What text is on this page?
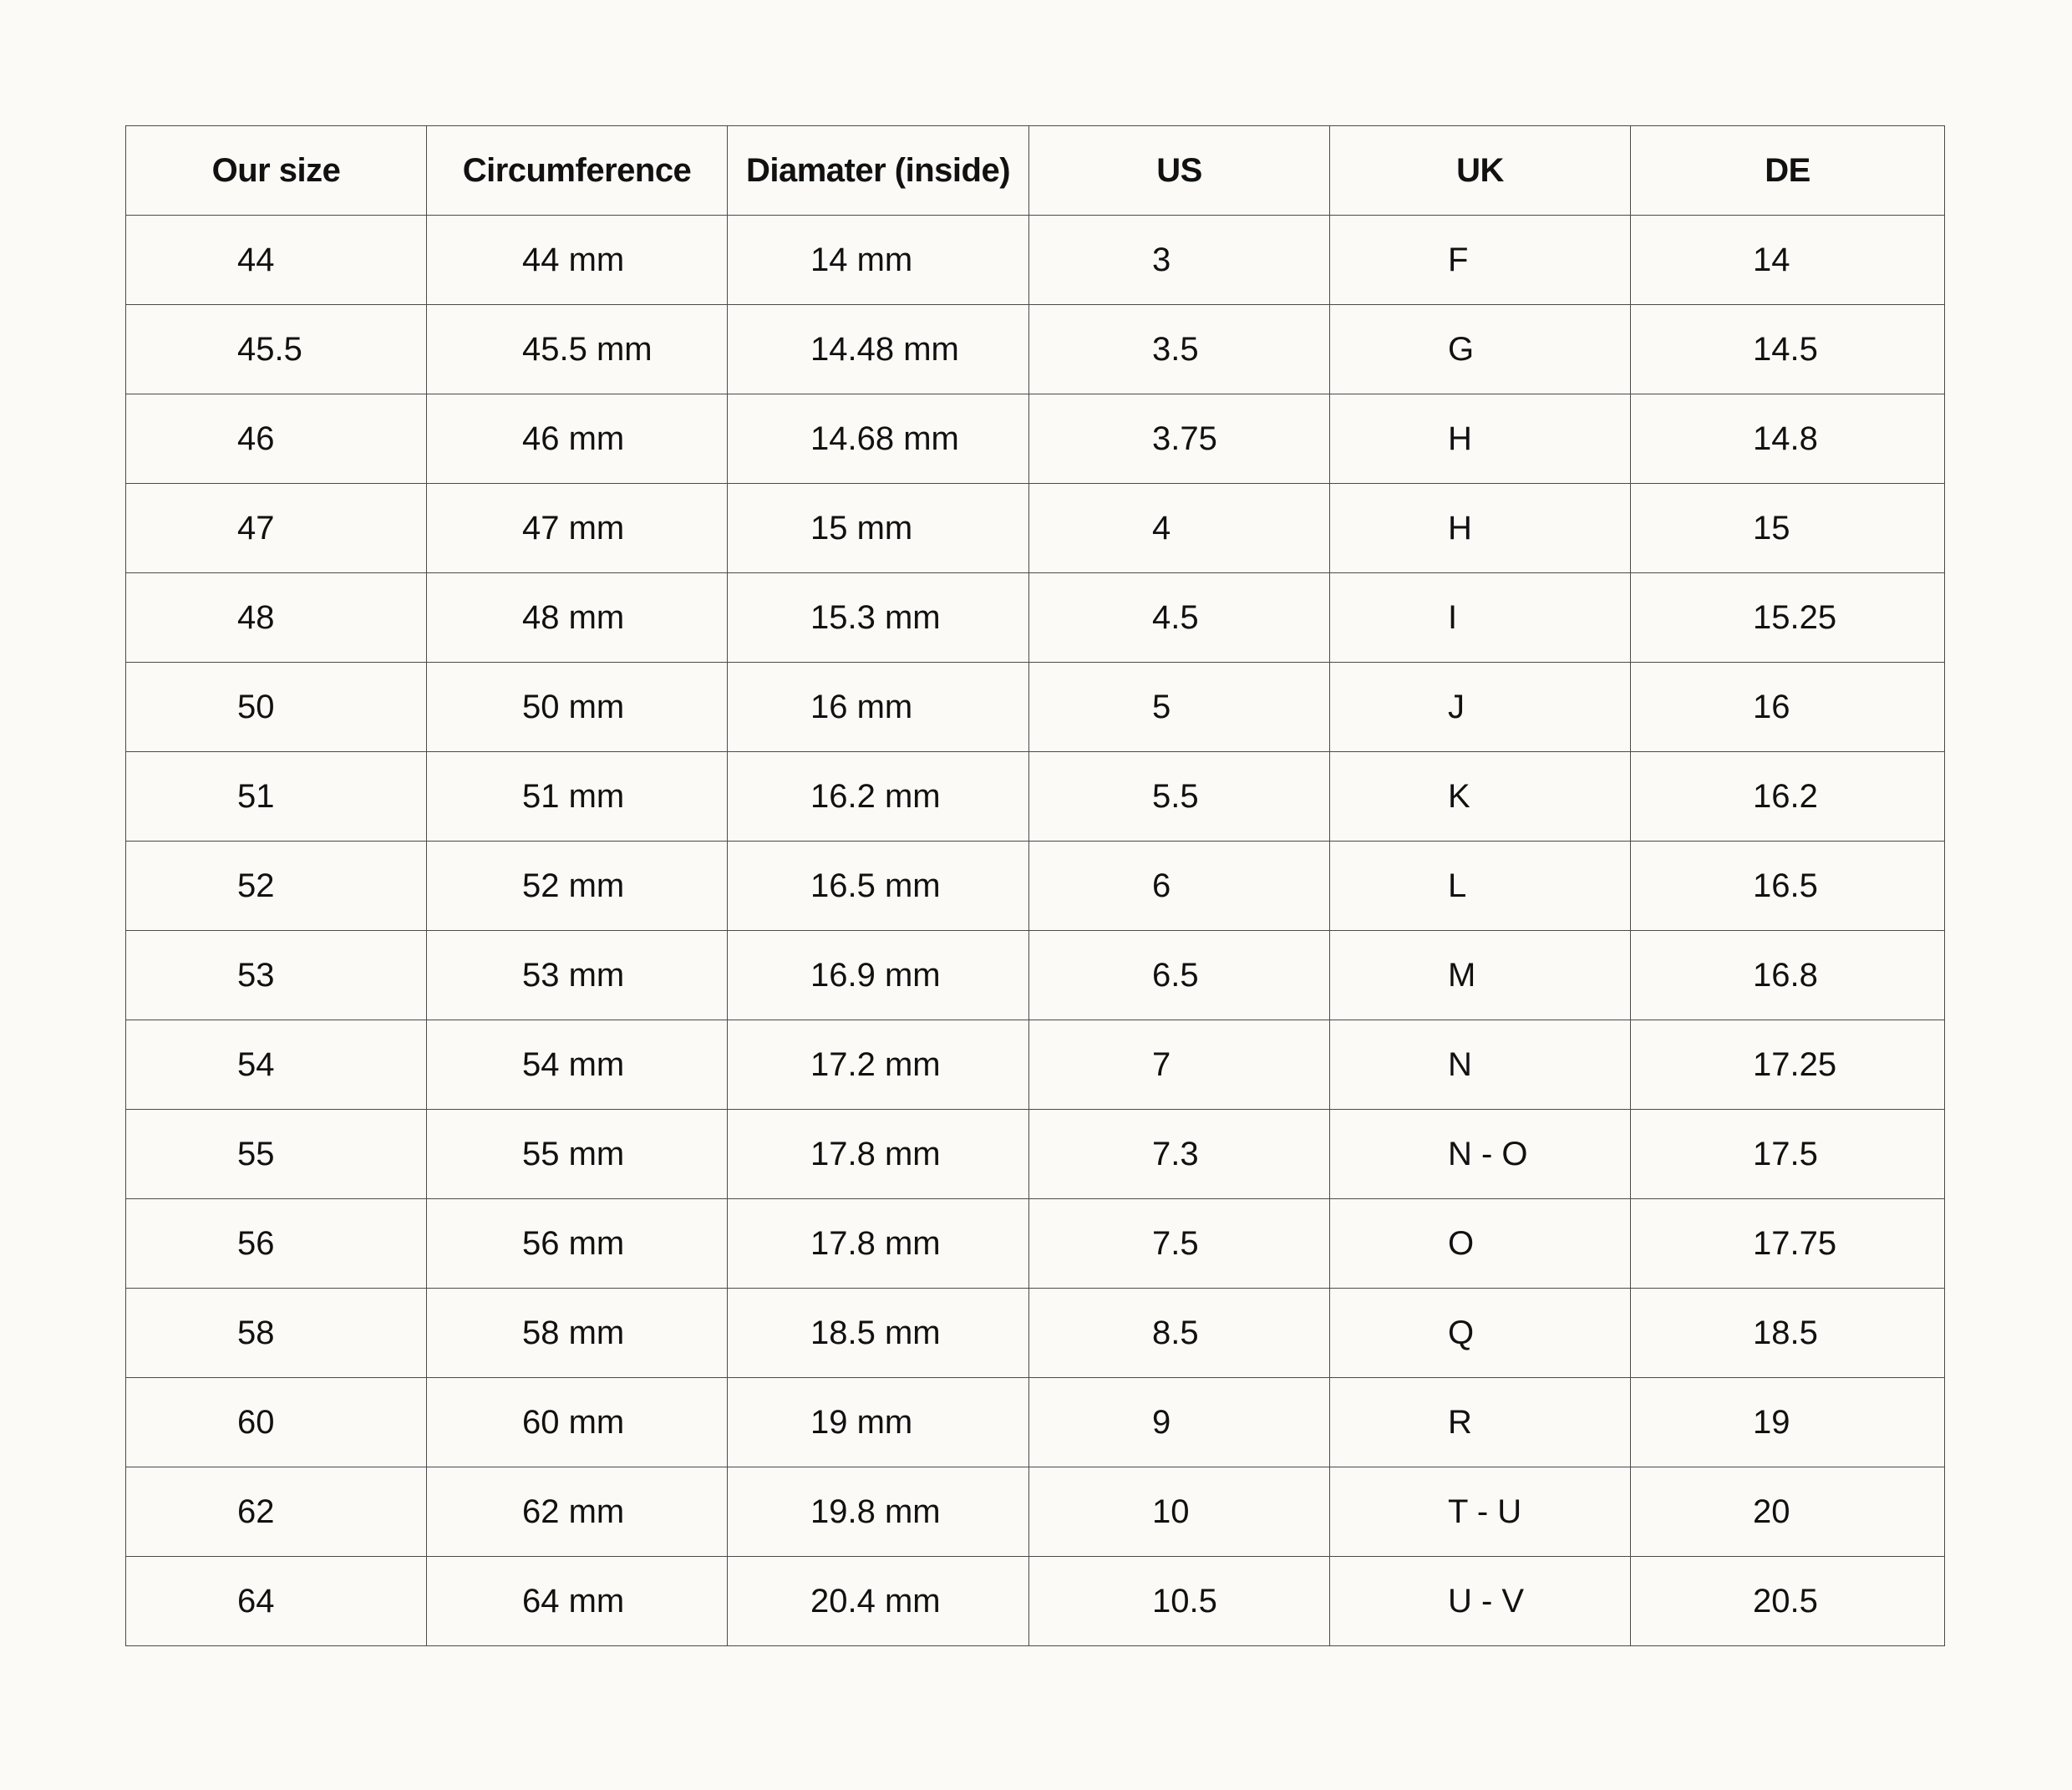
Our size	Circumference	Diamater (inside)	US	UK	DE
44	44 mm	14 mm	3	F	14
45.5	45.5 mm	14.48 mm	3.5	G	14.5
46	46 mm	14.68 mm	3.75	H	14.8
47	47 mm	15 mm	4	H	15
48	48 mm	15.3 mm	4.5	I	15.25
50	50 mm	16 mm	5	J	16
51	51 mm	16.2 mm	5.5	K	16.2
52	52 mm	16.5 mm	6	L	16.5
53	53 mm	16.9 mm	6.5	M	16.8
54	54 mm	17.2 mm	7	N	17.25
55	55 mm	17.8 mm	7.3	N - O	17.5
56	56 mm	17.8 mm	7.5	O	17.75
58	58 mm	18.5 mm	8.5	Q	18.5
60	60 mm	19 mm	9	R	19
62	62 mm	19.8 mm	10	T - U	20
64	64 mm	20.4 mm	10.5	U - V	20.5
